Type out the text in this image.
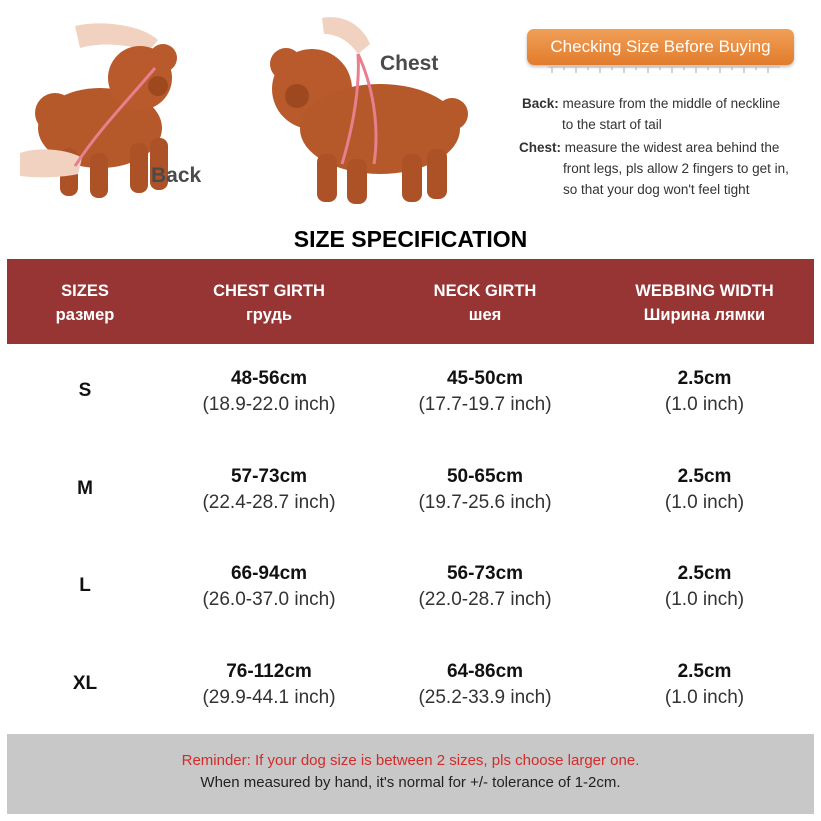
Back
Chest
Checking Size Before Buying
Back: measure from the middle of neckline
to the start of tail
Chest: measure the widest area behind the
front legs, pls allow 2 fingers to get in,
so that your dog won't feel tight
SIZE SPECIFICATION
SIZES
размер
CHEST GIRTH
грудь
NECK GIRTH
шея
WEBBING WIDTH
Ширина лямки
S
48-56cm
(18.9-22.0 inch)
45-50cm
(17.7-19.7 inch)
2.5cm
(1.0 inch)
M
57-73cm
(22.4-28.7 inch)
50-65cm
(19.7-25.6 inch)
2.5cm
(1.0 inch)
L
66-94cm
(26.0-37.0 inch)
56-73cm
(22.0-28.7 inch)
2.5cm
(1.0 inch)
XL
76-112cm
(29.9-44.1 inch)
64-86cm
(25.2-33.9 inch)
2.5cm
(1.0 inch)
Reminder: If your dog size is between 2 sizes, pls choose larger one.
When measured by hand, it's normal for +/- tolerance of 1-2cm.
